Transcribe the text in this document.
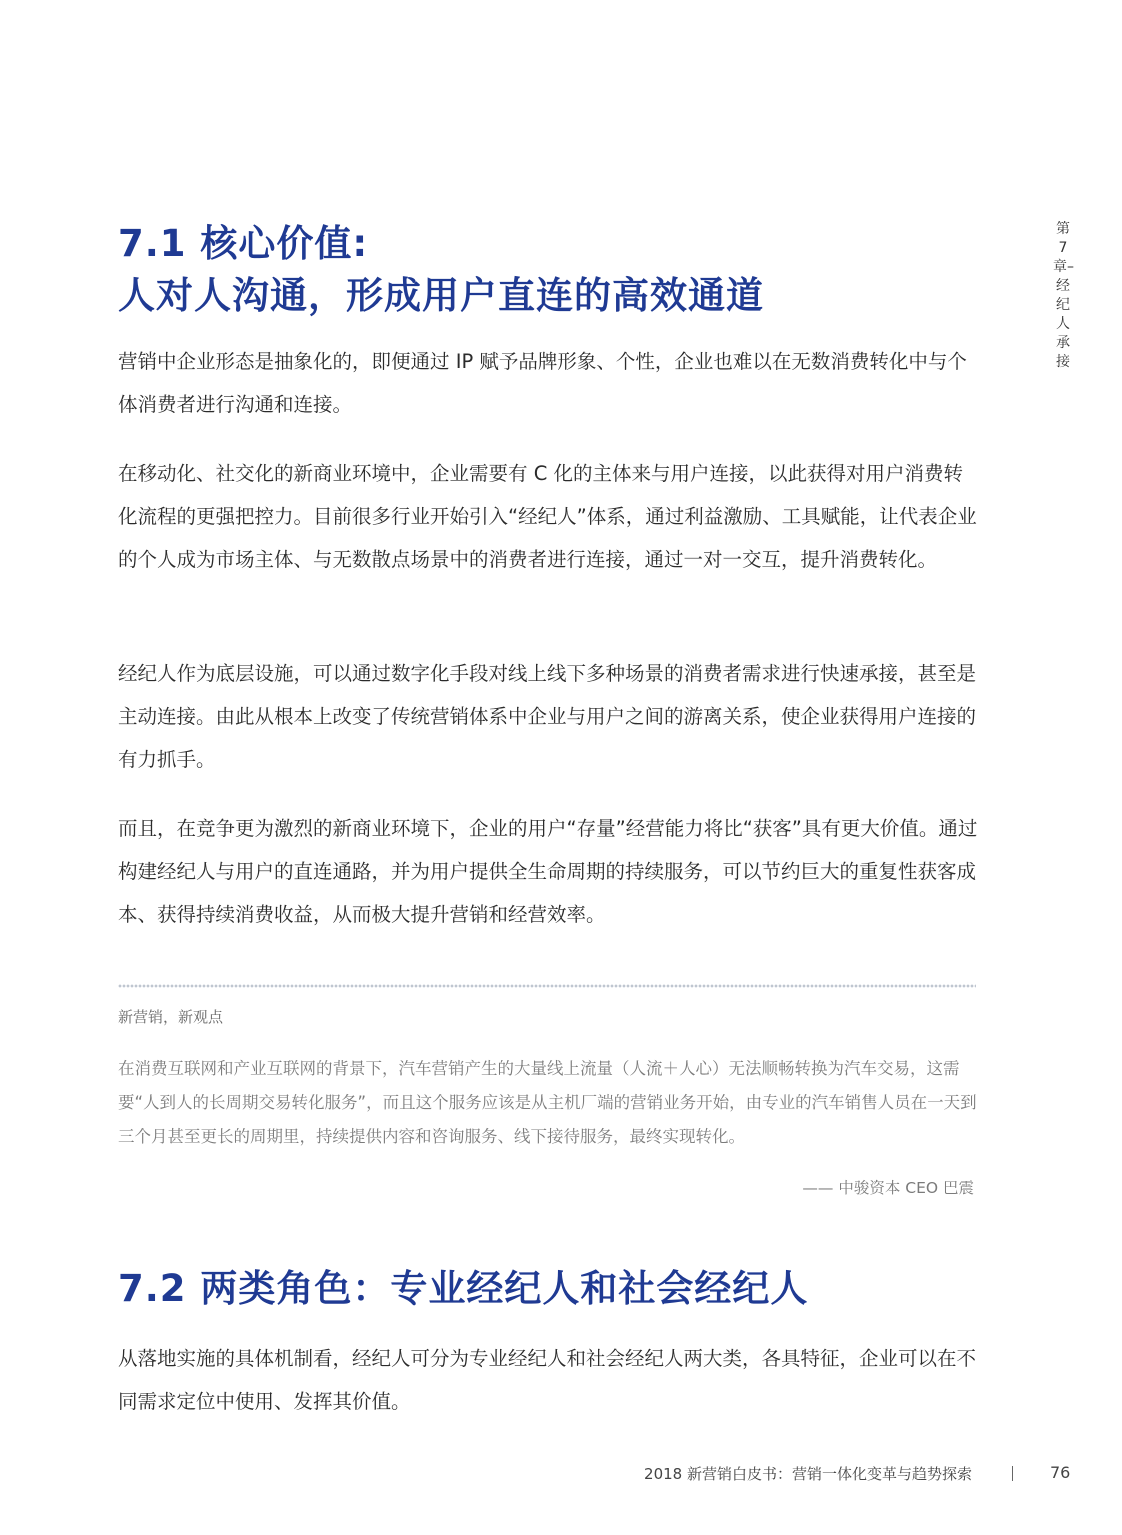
第7章–经纪人承接
7.1 核心价值:
人对人沟通，形成用户直连的高效通道

营销中企业形态是抽象化的，即便通过 IP 赋予品牌形象、个性，企业也难以在无数消费转化中与个体消费者进行沟通和连接。

在移动化、社交化的新商业环境中，企业需要有 C 化的主体来与用户连接，以此获得对用户消费转化流程的更强把控力。目前很多行业开始引入“经纪人”体系，通过利益激励、工具赋能，让代表企业的个人成为市场主体、与无数散点场景中的消费者进行连接，通过一对一交互，提升消费转化。

经纪人作为底层设施，可以通过数字化手段对线上线下多种场景的消费者需求进行快速承接，甚至是主动连接。由此从根本上改变了传统营销体系中企业与用户之间的游离关系，使企业获得用户连接的有力抓手。

而且，在竞争更为激烈的新商业环境下，企业的用户“存量”经营能力将比“获客”具有更大价值。通过构建经纪人与用户的直连通路，并为用户提供全生命周期的持续服务，可以节约巨大的重复性获客成本、获得持续消费收益，从而极大提升营销和经营效率。

新营销，新观点

在消费互联网和产业互联网的背景下，汽车营销产生的大量线上流量（人流＋人心）无法顺畅转换为汽车交易，这需要“人到人的长周期交易转化服务”，而且这个服务应该是从主机厂端的营销业务开始，由专业的汽车销售人员在一天到三个月甚至更长的周期里，持续提供内容和咨询服务、线下接待服务，最终实现转化。

—— 中骏资本 CEO 巴震

7.2 两类角色：专业经纪人和社会经纪人

从落地实施的具体机制看，经纪人可分为专业经纪人和社会经纪人两大类，各具特征，企业可以在不同需求定位中使用、发挥其价值。

2018 新营销白皮书：营销一体化变革与趋势探索	76
